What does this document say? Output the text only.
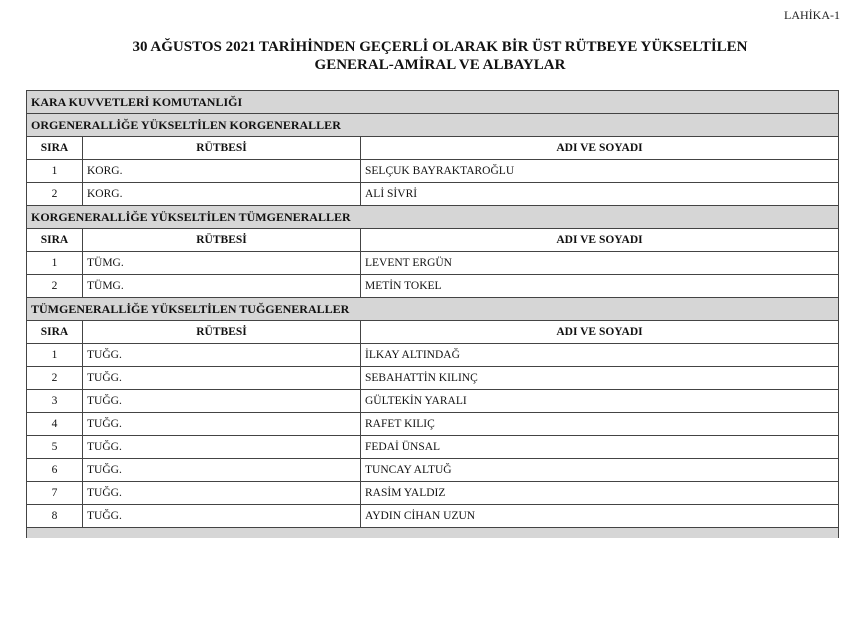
LAHİKA-1
30 AĞUSTOS 2021 TARİHİNDEN GEÇERLİ OLARAK BİR ÜST RÜTBEYE YÜKSELTİLEN
GENERAL-AMİRAL VE ALBAYLAR
KARA KUVVETLERİ KOMUTANLIĞI		
ORGENERALLİĞE YÜKSELTİLEN KORGENERALLER		
SIRA	RÜTBESİ	ADI VE SOYADI
1	KORG.	SELÇUK BAYRAKTAROĞLU
2	KORG.	ALİ SİVRİ
KORGENERALLİĞE YÜKSELTİLEN TÜMGENERALLER		
SIRA	RÜTBESİ	ADI VE SOYADI
1	TÜMG.	LEVENT ERGÜN
2	TÜMG.	METİN TOKEL
TÜMGENERALLİĞE YÜKSELTİLEN TUĞGENERALLER		
SIRA	RÜTBESİ	ADI VE SOYADI
1	TUĞG.	İLKAY ALTINDAĞ
2	TUĞG.	SEBAHATTİN KILINÇ
3	TUĞG.	GÜLTEKİN YARALI
4	TUĞG.	RAFET KILIÇ
5	TUĞG.	FEDAİ ÜNSAL
6	TUĞG.	TUNCAY ALTUĞ
7	TUĞG.	RASİM YALDIZ
8	TUĞG.	AYDIN CİHAN UZUN
